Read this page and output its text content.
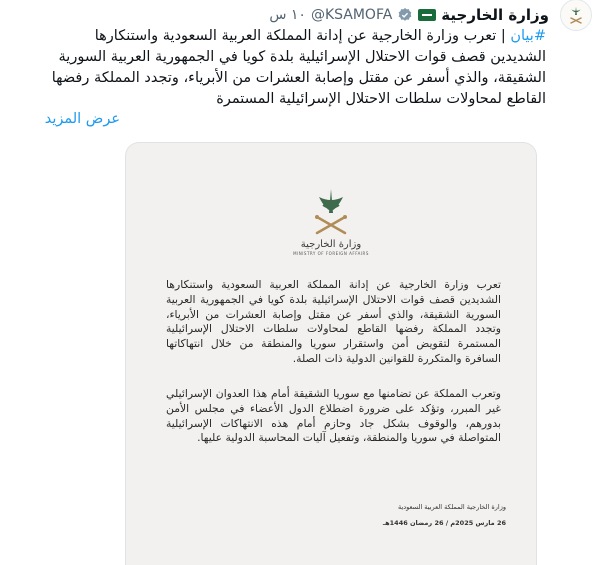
وزارة الخارجية
@KSAMOFA
١٠ س
#بيان | تعرب وزارة الخارجية عن إدانة المملكة العربية السعودية واستنكارها الشديدين قصف قوات الاحتلال الإسرائيلية بلدة كويا في الجمهورية العربية السورية الشقيقة، والذي أسفر عن مقتل وإصابة العشرات من الأبرياء، وتجدد المملكة رفضها القاطع لمحاولات سلطات الاحتلال الإسرائيلية المستمرة
عرض المزيد
وزارة الخارجية
MINISTRY OF FOREIGN AFFAIRS
تعرب وزارة الخارجية عن إدانة المملكة العربية السعودية واستنكارها الشديدين قصف قوات الاحتلال الإسرائيلية بلدة كويا في الجمهورية العربية السورية الشقيقة، والذي أسفر عن مقتل وإصابة العشرات من الأبرياء، وتجدد المملكة رفضها القاطع لمحاولات سلطات الاحتلال الإسرائيلية المستمرة لتقويض أمن واستقرار سوريا والمنطقة من خلال انتهاكاتها السافرة والمتكررة للقوانين الدولية ذات الصلة.
وتعرب المملكة عن تضامنها مع سوريا الشقيقة أمام هذا العدوان الإسرائيلي غير المبرر، وتؤكد على ضرورة اضطلاع الدول الأعضاء في مجلس الأمن بدورهم، والوقوف بشكل جاد وحازم أمام هذه الانتهاكات الإسرائيلية المتواصلة في سوريا والمنطقة، وتفعيل آليات المحاسبة الدولية عليها.
وزارة الخارجية المملكة العربية السعودية
26 مارس 2025م / 26 رمضان 1446هـ
